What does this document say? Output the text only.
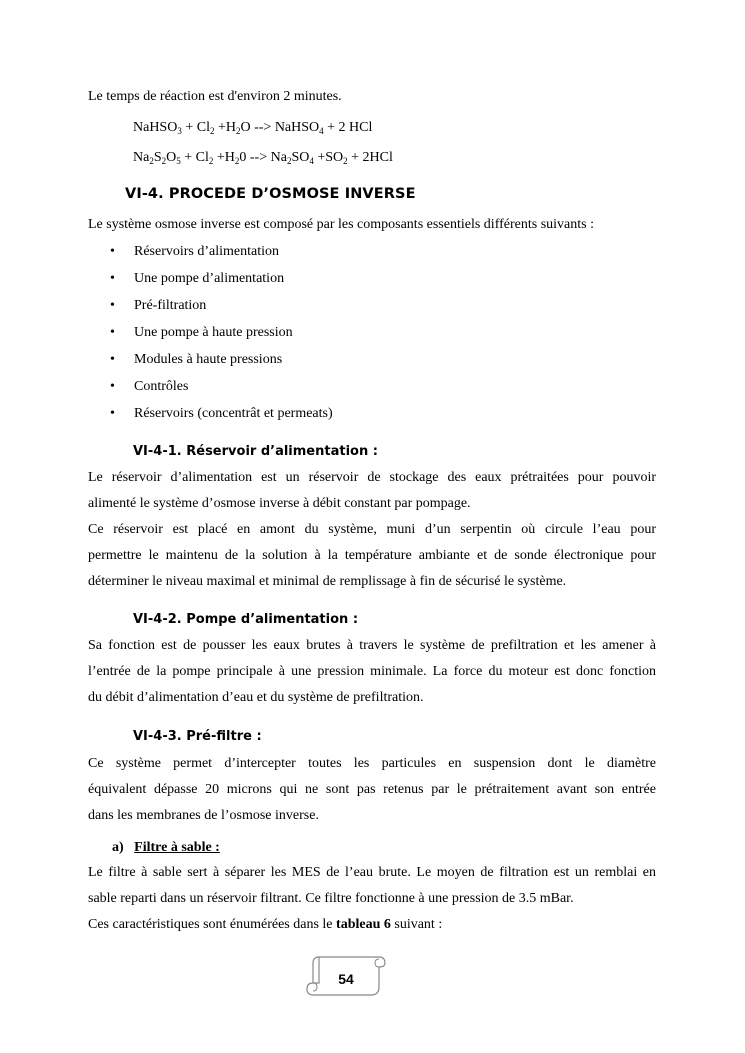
Le temps de réaction est d'environ 2 minutes.
NaHSO$_3$ + $Cl_2 +H_2O$ --> NaHSO$_4$ + 2 HCl
$Na_2S_2O_5 + Cl_2 +H_20$ --> $Na_2SO_4 +SO_2 + 2HCl$
VI-4. PROCEDE D’OSMOSE INVERSE
Le système osmose inverse est composé par les composants essentiels différents suivants :
• Réservoirs d’alimentation
• Une pompe d’alimentation
• Pré-filtration
• Une pompe à haute pression
• Modules à haute pressions
• Contrôles
• Réservoirs (concentrât et permeats)
VI-4-1. Réservoir d’alimentation :
Le réservoir d’alimentation est un réservoir de stockage des eaux prétraitées pour pouvoir
alimenté le système d’osmose inverse à débit constant par pompage.
Ce réservoir est placé en amont du système, muni d’un serpentin où circule l’eau pour
permettre le maintenu de la solution à la température ambiante et de sonde électronique pour
déterminer le niveau maximal et minimal de remplissage à fin de sécurisé le système.
VI-4-2. Pompe d’alimentation :
Sa fonction est de pousser les eaux brutes à travers le système de prefiltration et les amener à
l’entrée de la pompe principale à une pression minimale. La force du moteur est donc fonction
du débit d’alimentation d’eau et du système de prefiltration.
VI-4-3. Pré-filtre :
Ce système permet d’intercepter toutes les particules en suspension dont le diamètre
équivalent dépasse 20 microns qui ne sont pas retenus par le prétraitement avant son entrée
dans les membranes de l’osmose inverse.
a) Filtre à sable :
Le filtre à sable sert à séparer les MES de l’eau brute. Le moyen de filtration est un remblai en
sable reparti dans un réservoir filtrant. Ce filtre fonctionne à une pression de 3.5 mBar.
Ces caractéristiques sont énumérées dans le tableau 6 suivant :
54
